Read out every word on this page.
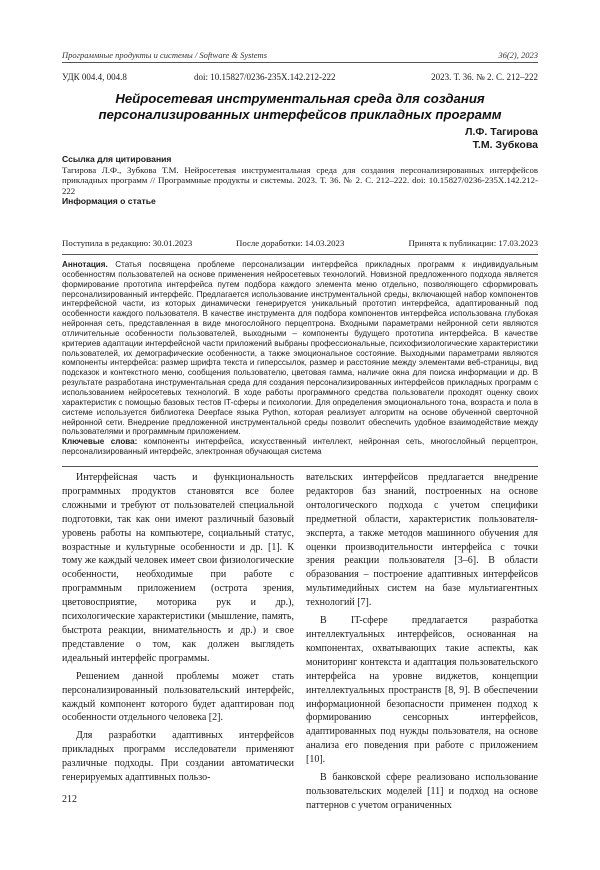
Программные продукты и системы / Software & Systems	36(2), 2023
УДК 004.4, 004.8	doi: 10.15827/0236-235X.142.212-222	2023. Т. 36. № 2. С. 212–222
Нейросетевая инструментальная среда для создания персонализированных интерфейсов прикладных программ
Л.Ф. Тагирова
Т.М. Зубкова
Ссылка для цитирования
Тагирова Л.Ф., Зубкова Т.М. Нейросетевая инструментальная среда для создания персонализированных интерфейсов прикладных программ // Программные продукты и системы. 2023. Т. 36. № 2. С. 212–222. doi: 10.15827/0236-235X.142.212-222
Информация о статье
Поступила в редакцию: 30.01.2023	После доработки: 14.03.2023	Принята к публикации: 17.03.2023
Аннотация. Статья посвящена проблеме персонализации интерфейса прикладных программ к индивидуальным особенностям пользователей на основе применения нейросетевых технологий. Новизной предложенного подхода является формирование прототипа интерфейса путем подбора каждого элемента меню отдельно, позволяющего сформировать персонализированный интерфейс. Предлагается использование инструментальной среды, включающей набор компонентов интерфейсной части, из которых динамически генерируется уникальный прототип интерфейса, адаптированный под особенности каждого пользователя. В качестве инструмента для подбора компонентов интерфейса использована глубокая нейронная сеть, представленная в виде многослойного перцептрона. Входными параметрами нейронной сети являются отличительные особенности пользователей, выходными – компоненты будущего прототипа интерфейса. В качестве критериев адаптации интерфейсной части приложений выбраны профессиональные, психофизиологические характеристики пользователей, их демографические особенности, а также эмоциональное состояние. Выходными параметрами являются компоненты интерфейса: размер шрифта текста и гиперссылок, размер и расстояние между элементами веб-страницы, вид подсказок и контекстного меню, сообщения пользователю, цветовая гамма, наличие окна для поиска информации и др. В результате разработана инструментальная среда для создания персонализированных интерфейсов прикладных программ с использованием нейросетевых технологий. В ходе работы программного средства пользователи проходят оценку своих характеристик с помощью базовых тестов IT-сферы и психологии. Для определения эмоционального тона, возраста и пола в системе используется библиотека Deepface языка Python, которая реализует алгоритм на основе обученной сверточной нейронной сети. Внедрение предложенной инструментальной среды позволит обеспечить удобное взаимодействие между пользователями и программным приложением.
Ключевые слова: компоненты интерфейса, искусственный интеллект, нейронная сеть, многослойный перцептрон, персонализированный интерфейс, электронная обучающая система

Интерфейсная часть и функциональность программных продуктов становятся все более сложными и требуют от пользователей специальной подготовки, так как они имеют различный базовый уровень работы на компьютере, социальный статус, возрастные и культурные особенности и др. [1]. К тому же каждый человек имеет свои физиологические особенности, необходимые при работе с программным приложением (острота зрения, цветовосприятие, моторика рук и др.), психологические характеристики (мышление, память, быстрота реакции, внимательность и др.) и свое представление о том, как должен выглядеть идеальный интерфейс программы.

Решением данной проблемы может стать персонализированный пользовательский интерфейс, каждый компонент которого будет адаптирован под особенности отдельного человека [2].

Для разработки адаптивных интерфейсов прикладных программ исследователи применяют различные подходы. При создании автоматически генерируемых адаптивных пользо-

вательских интерфейсов предлагается внедрение редакторов баз знаний, построенных на основе онтологического подхода с учетом специфики предметной области, характеристик пользователя-эксперта, а также методов машинного обучения для оценки производительности интерфейса с точки зрения реакции пользователя [3–6]. В области образования – построение адаптивных интерфейсов мультимедийных систем на базе мультиагентных технологий [7].

В IT-сфере предлагается разработка интеллектуальных интерфейсов, основанная на компонентах, охватывающих такие аспекты, как мониторинг контекста и адаптация пользовательского интерфейса на уровне виджетов, концепции интеллектуальных пространств [8, 9]. В обеспечении информационной безопасности применен подход к формированию сенсорных интерфейсов, адаптированных под нужды пользователя, на основе анализа его поведения при работе с приложением [10].

В банковской сфере реализовано использование пользовательских моделей [11] и подход на основе паттернов с учетом ограниченных

212
